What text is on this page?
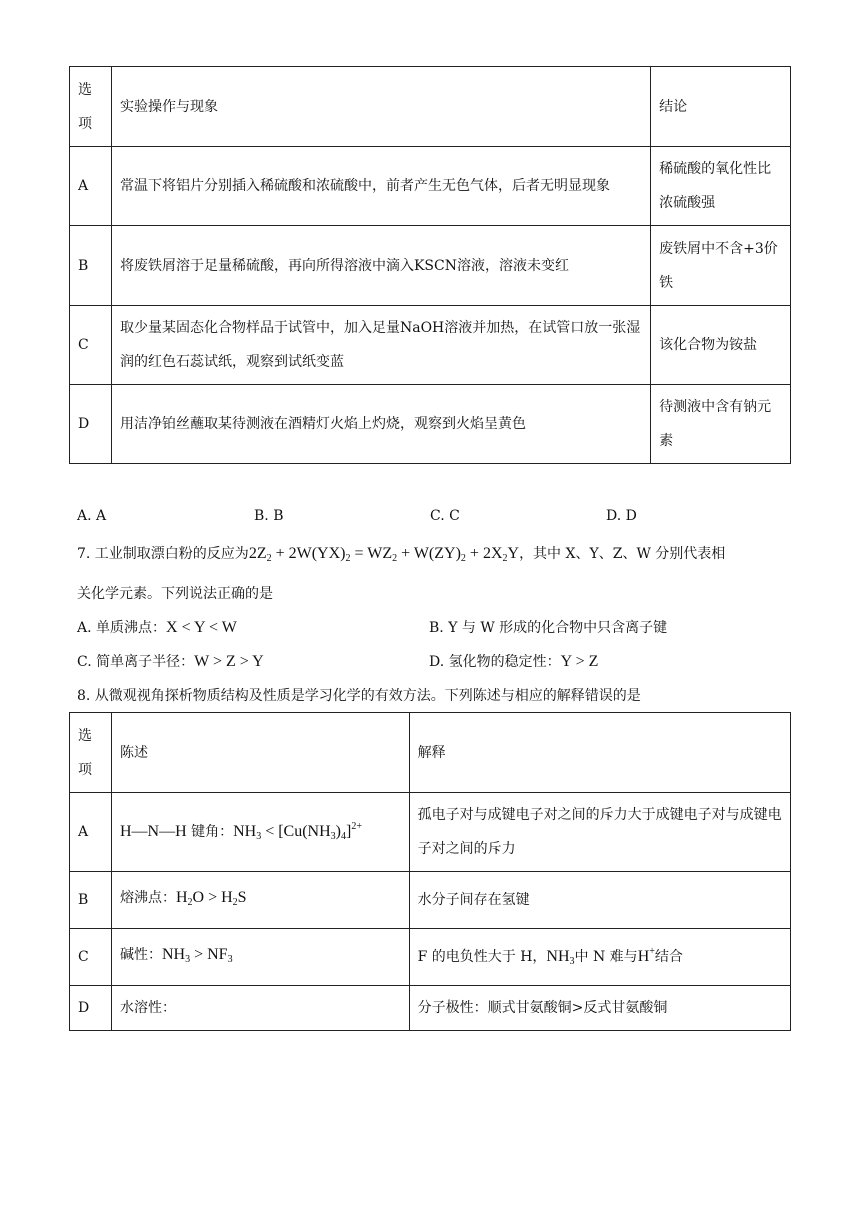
选项	实验操作与现象	结论
A	常温下将铝片分别插入稀硫酸和浓硫酸中，前者产生无色气体，后者无明显现象	稀硫酸的氧化性比浓硫酸强
B	将废铁屑溶于足量稀硫酸，再向所得溶液中滴入KSCN溶液，溶液未变红	废铁屑中不含+3价铁
C	取少量某固态化合物样品于试管中，加入足量NaOH溶液并加热，在试管口放一张湿润的红色石蕊试纸，观察到试纸变蓝	该化合物为铵盐
D	用洁净铂丝蘸取某待测液在酒精灯火焰上灼烧，观察到火焰呈黄色	待测液中含有钠元素
A. A	B. B	C. C	D. D
7. 工业制取漂白粉的反应为$2Z_2 + 2W(YX)_2 = WZ_2 + W(ZY)_2 + 2X_2Y$，其中 X、Y、Z、W 分别代表相
关化学元素。下列说法正确的是
A. 单质沸点：X < Y < W	B. Y 与 W 形成的化合物中只含离子键
C. 简单离子半径：W > Z > Y	D. 氢化物的稳定性：Y > Z
8. 从微观视角探析物质结构及性质是学习化学的有效方法。下列陈述与相应的解释错误的是
选项	陈述	解释
A	H—N—H 键角：$NH_3 < [Cu(NH_3)_4]^{2+}$	孤电子对与成键电子对之间的斥力大于成键电子对与成键电子对之间的斥力
B	熔沸点：$H_2O > H_2S$	水分子间存在氢键
C	碱性：$NH_3 > NF_3$	F 的电负性大于 H，$NH_3$中 N 难与H+结合
D	水溶性：	分子极性：顺式甘氨酸铜>反式甘氨酸铜
